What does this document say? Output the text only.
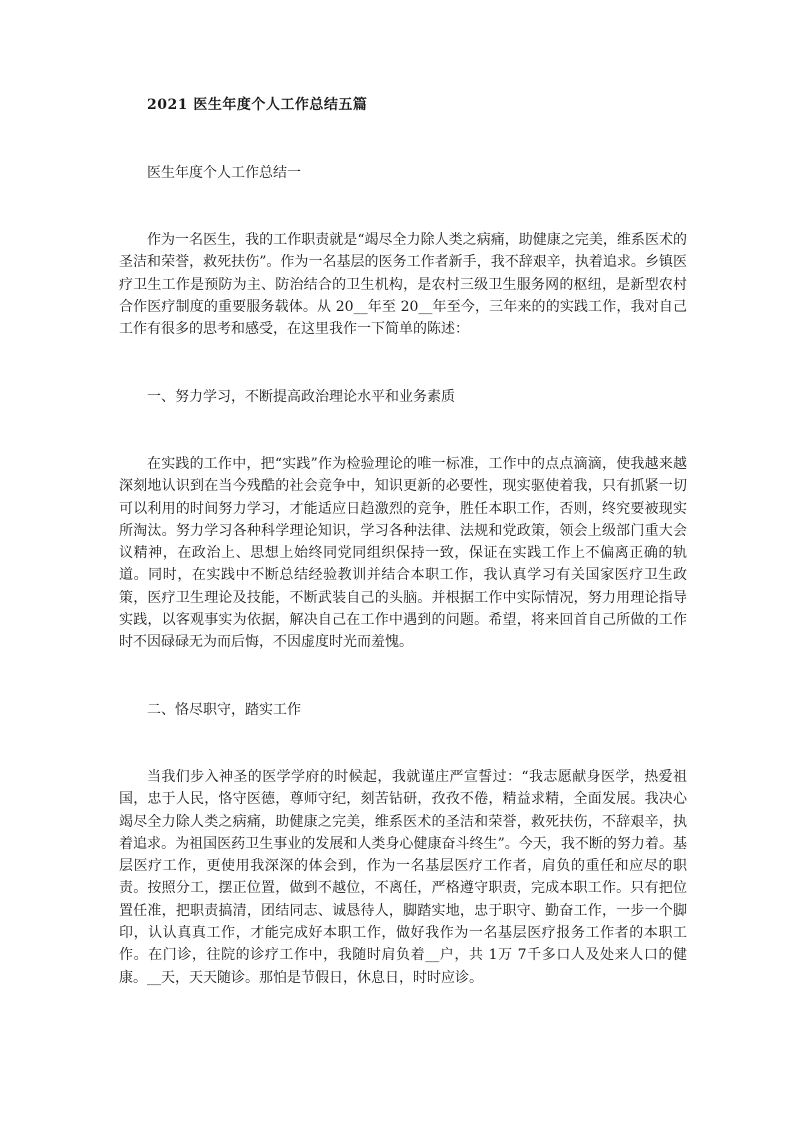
2021 医生年度个人工作总结五篇
医生年度个人工作总结一

作为一名医生，我的工作职责就是“竭尽全力除人类之病痛，助健康之完美，维系医术的圣洁和荣誉，救死扶伤”。作为一名基层的医务工作者新手，我不辞艰辛，执着追求。乡镇医疗卫生工作是预防为主、防治结合的卫生机构，是农村三级卫生服务网的枢纽，是新型农村合作医疗制度的重要服务载体。从 20__年至 20__年至今，三年来的的实践工作，我对自己工作有很多的思考和感受，在这里我作一下简单的陈述：

一、努力学习，不断提高政治理论水平和业务素质

在实践的工作中，把“实践”作为检验理论的唯一标准，工作中的点点滴滴，使我越来越深刻地认识到在当今残酷的社会竞争中，知识更新的必要性，现实驱使着我，只有抓紧一切可以利用的时间努力学习，才能适应日趋激烈的竞争，胜任本职工作，否则，终究要被现实所淘汰。努力学习各种科学理论知识，学习各种法律、法规和党政策，领会上级部门重大会议精神，在政治上、思想上始终同党同组织保持一致，保证在实践工作上不偏离正确的轨道。同时，在实践中不断总结经验教训并结合本职工作，我认真学习有关国家医疗卫生政策，医疗卫生理论及技能，不断武装自己的头脑。并根据工作中实际情况，努力用理论指导实践，以客观事实为依据，解决自己在工作中遇到的问题。希望，将来回首自己所做的工作时不因碌碌无为而后悔，不因虚度时光而羞愧。

二、恪尽职守，踏实工作

当我们步入神圣的医学学府的时候起，我就谨庄严宣誓过：“我志愿献身医学，热爱祖国，忠于人民，恪守医德，尊师守纪，刻苦钻研，孜孜不倦，精益求精，全面发展。我决心竭尽全力除人类之病痛，助健康之完美，维系医术的圣洁和荣誉，救死扶伤，不辞艰辛，执着追求。为祖国医药卫生事业的发展和人类身心健康奋斗终生”。今天，我不断的努力着。基层医疗工作，更使用我深深的体会到，作为一名基层医疗工作者，肩负的重任和应尽的职责。按照分工，摆正位置，做到不越位，不离任，严格遵守职责，完成本职工作。只有把位置任准，把职责搞清，团结同志、诚恳待人，脚踏实地，忠于职守、勤奋工作，一步一个脚印，认认真真工作，才能完成好本职工作，做好我作为一名基层医疗报务工作者的本职工作。在门诊，往院的诊疗工作中，我随时肩负着__户，共 1万 7千多口人及处来人口的健康。__天，天天随诊。那怕是节假日，休息日，时时应诊。
